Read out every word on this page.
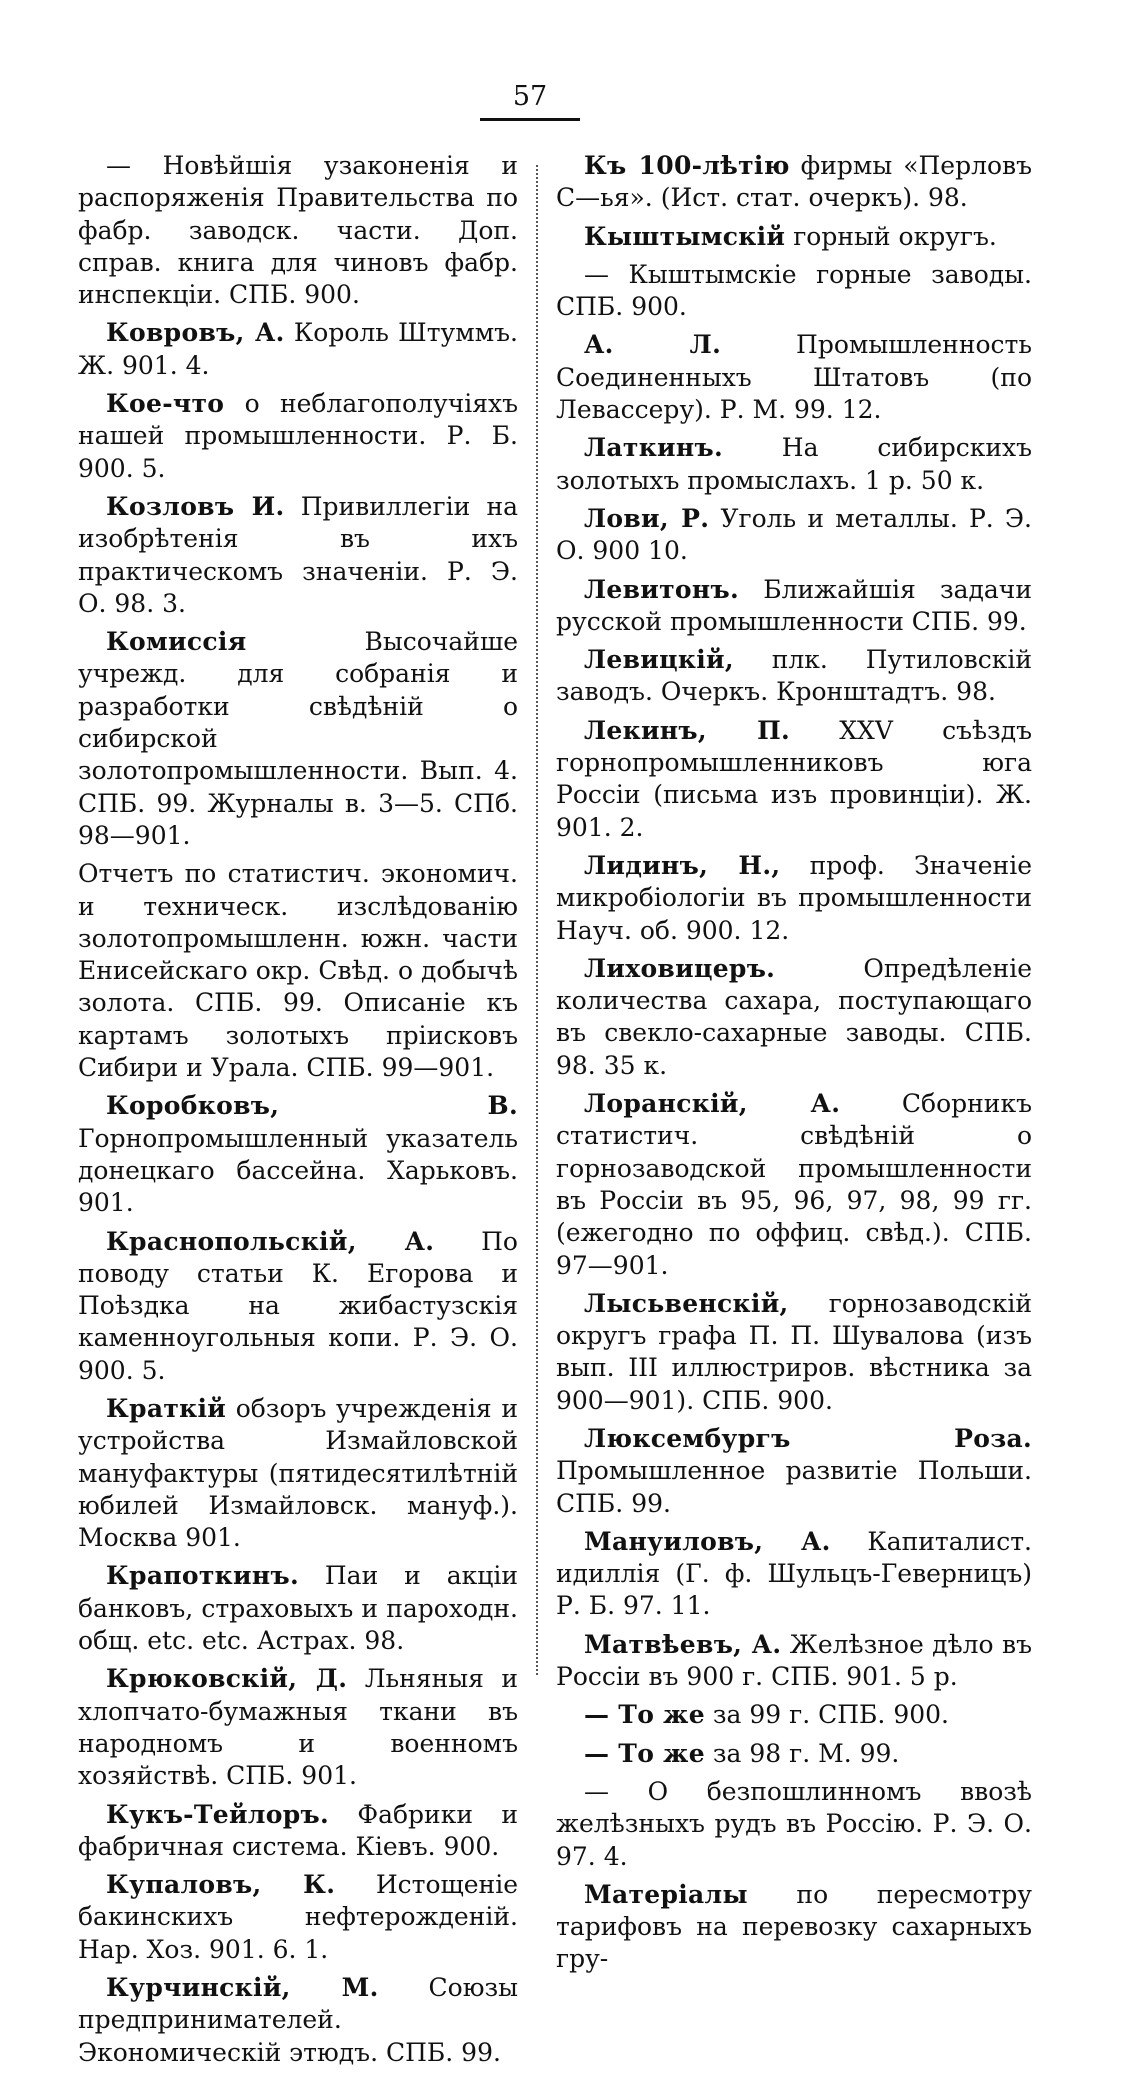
57

— Новѣйшія узаконенія и распоряженія Правительства по фабр. заводск. части. Доп. справ. книга для чиновъ фабр. инспекціи. СПБ. 900.

Ковровъ, А. Король Штуммъ. Ж. 901. 4.

Кое-что о неблагополучіяхъ нашей промышленности. Р. Б. 900. 5.

Козловъ И. Привиллегіи на изобрѣтенія въ ихъ практическомъ значеніи. Р. Э. О. 98. 3.

Комиссія Высочайше учрежд. для собранія и разработки свѣдѣній о сибирской золотопромышленности. Вып. 4. СПБ. 99. Журналы в. 3—5. СПб. 98—901.

Отчетъ по статистич. экономич. и техническ. изслѣдованію золотопромышленн. южн. части Енисейскаго окр. Свѣд. о добычѣ золота. СПБ. 99. Описаніе къ картамъ золотыхъ пріисковъ Сибири и Урала. СПБ. 99—901.

Коробковъ, В. Горнопромышленный указатель донецкаго бассейна. Харьковъ. 901.

Краснопольскій, А. По поводу статьи К. Егорова и Поѣздка на жибастузскія каменноугольныя копи. Р. Э. О. 900. 5.

Краткій обзоръ учрежденія и устройства Измайловской мануфактуры (пятидесятилѣтній юбилей Измайловск. мануф.). Москва 901.

Крапоткинъ. Паи и акціи банковъ, страховыхъ и пароходн. общ. etc. etc. Астрах. 98.

Крюковскій, Д. Льняныя и хлопчато-бумажныя ткани въ народномъ и военномъ хозяйствѣ. СПБ. 901.

Кукъ-Тейлоръ. Фабрики и фабричная система. Кіевъ. 900.

Купаловъ, К. Истощеніе бакинскихъ нефтерожденій. Нар. Хоз. 901. 6. 1.

Курчинскій, М. Союзы предпринимателей. Экономическій этюдъ. СПБ. 99.

Къ 100-лѣтію фирмы «Перловъ С—ья». (Ист. стат. очеркъ). 98.

Кыштымскій горный округъ.

— Кыштымскіе горные заводы. СПБ. 900.

А. Л. Промышленность Соединенныхъ Штатовъ (по Левассеру). Р. М. 99. 12.

Латкинъ. На сибирскихъ золотыхъ промыслахъ. 1 р. 50 к.

Лови, Р. Уголь и металлы. Р. Э. О. 900 10.

Левитонъ. Ближайшія задачи русской промышленности СПБ. 99.

Левицкій, плк. Путиловскій заводъ. Очеркъ. Кронштадтъ. 98.

Лекинъ, П. XXV съѣздъ горнопромышленниковъ юга Россіи (письма изъ провинціи). Ж. 901. 2.

Лидинъ, Н., проф. Значеніе микробіологіи въ промышленности Науч. об. 900. 12.

Лиховицеръ. Опредѣленіе количества сахара, поступающаго въ свекло-сахарные заводы. СПБ. 98. 35 к.

Лоранскій, А. Сборникъ статистич. свѣдѣній о горнозаводской промышленности въ Россіи въ 95, 96, 97, 98, 99 гг. (ежегодно по оффиц. свѣд.). СПБ. 97—901.

Лысьвенскій, горнозаводскій округъ графа П. П. Шувалова (изъ вып. III иллюстриров. вѣстника за 900—901). СПБ. 900.

Люксембургъ Роза. Промышленное развитіе Польши. СПБ. 99.

Мануиловъ, А. Капиталист. идиллія (Г. ф. Шульцъ-Геверницъ) Р. Б. 97. 11.

Матвѣевъ, А. Желѣзное дѣло въ Россіи въ 900 г. СПБ. 901. 5 р.

— То же за 99 г. СПБ. 900.

— То же за 98 г. М. 99.

— О безпошлинномъ ввозѣ желѣзныхъ рудъ въ Россію. Р. Э. О. 97. 4.

Матеріалы по пересмотру тарифовъ на перевозку сахарныхъ гру-
